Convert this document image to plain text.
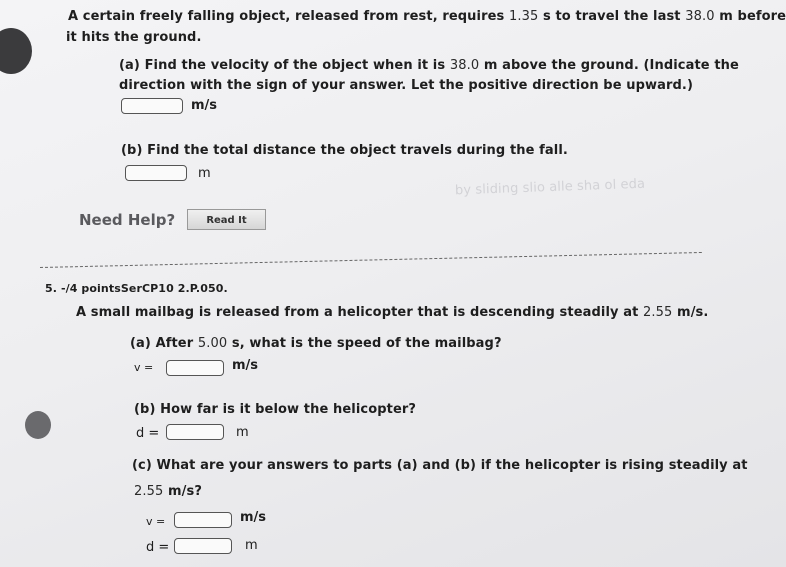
A certain freely falling object, released from rest, requires 1.35 s to travel the last 38.0 m before
it hits the ground.
(a) Find the velocity of the object when it is 38.0 m above the ground. (Indicate the
direction with the sign of your answer. Let the positive direction be upward.)
m/s
(b) Find the total distance the object travels during the fall.
m
by sliding slio alle sha ol eda
Need Help?	Read It
5. -/4 pointsSerCP10 2.P.050.
A small mailbag is released from a helicopter that is descending steadily at 2.55 m/s.
(a) After 5.00 s, what is the speed of the mailbag?
v =	m/s
(b) How far is it below the helicopter?
d =	m
(c) What are your answers to parts (a) and (b) if the helicopter is rising steadily at
2.55 m/s?
v =	m/s
d =	m
